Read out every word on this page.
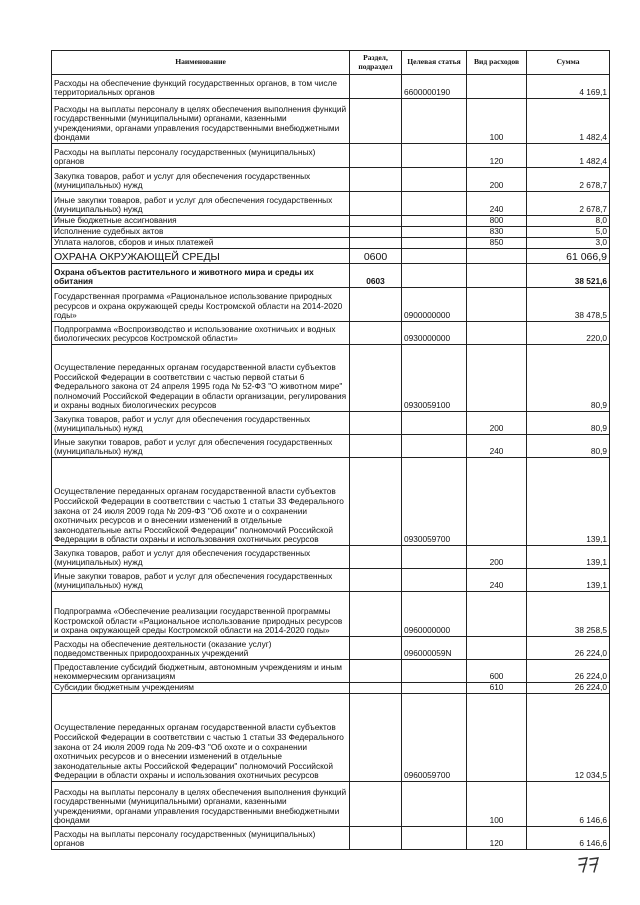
Наименование	Раздел, подраздел	Целевая статья	Вид расходов	Сумма
Расходы на обеспечение функций государственных органов, в том числе территориальных органов		6600000190		4 169,1
Расходы на выплаты персоналу в целях обеспечения выполнения функций государственными (муниципальными) органами, казенными учреждениями, органами управления государственными внебюджетными фондами			100	1 482,4
Расходы на выплаты персоналу государственных (муниципальных) органов			120	1 482,4
Закупка товаров, работ и услуг для обеспечения государственных (муниципальных) нужд			200	2 678,7
Иные закупки товаров, работ и услуг для обеспечения государственных (муниципальных) нужд			240	2 678,7
Иные бюджетные ассигнования			800	8,0
Исполнение судебных актов			830	5,0
Уплата налогов, сборов и иных платежей			850	3,0
ОХРАНА ОКРУЖАЮЩЕЙ СРЕДЫ	0600			61 066,9
Охрана объектов растительного и животного мира и среды их обитания	0603			38 521,6
Государственная программа «Рациональное использование природных ресурсов и охрана окружающей среды Костромской области на 2014-2020 годы»		0900000000		38 478,5
Подпрограмма «Воспроизводство и использование охотничьих и водных биологических ресурсов Костромской области»		0930000000		220,0
Осуществление переданных органам государственной власти субъектов Российской Федерации в соответствии с частью первой статьи 6 Федерального закона от 24 апреля 1995 года № 52-ФЗ "О животном мире" полномочий Российской Федерации в области организации, регулирования и охраны водных биологических ресурсов		0930059100		80,9
Закупка товаров, работ и услуг для обеспечения государственных (муниципальных) нужд			200	80,9
Иные закупки товаров, работ и услуг для обеспечения государственных (муниципальных) нужд			240	80,9
Осуществление переданных органам государственной власти субъектов Российской Федерации в соответствии с частью 1 статьи 33 Федерального закона от 24 июля 2009 года № 209-ФЗ "Об охоте и о сохранении охотничьих ресурсов и о внесении изменений в отдельные законодательные акты Российской Федерации" полномочий Российской Федерации в области охраны и использования охотничьих ресурсов		0930059700		139,1
Закупка товаров, работ и услуг для обеспечения государственных (муниципальных) нужд			200	139,1
Иные закупки товаров, работ и услуг для обеспечения государственных (муниципальных) нужд			240	139,1
Подпрограмма «Обеспечение реализации государственной программы Костромской области «Рациональное использование природных ресурсов и охрана окружающей среды Костромской области на 2014-2020 годы»		0960000000		38 258,5
Расходы на обеспечение деятельности (оказание услуг) подведомственных природоохранных учреждений		096000059N		26 224,0
Предоставление субсидий бюджетным, автономным учреждениям и иным некоммерческим организациям			600	26 224,0
Субсидии бюджетным учреждениям			610	26 224,0
Осуществление переданных органам государственной власти субъектов Российской Федерации в соответствии с частью 1 статьи 33 Федерального закона от 24 июля 2009 года № 209-ФЗ "Об охоте и о сохранении охотничьих ресурсов и о внесении изменений в отдельные законодательные акты Российской Федерации" полномочий Российской Федерации в области охраны и использования охотничьих ресурсов		0960059700		12 034,5
Расходы на выплаты персоналу в целях обеспечения выполнения функций государственными (муниципальными) органами, казенными учреждениями, органами управления государственными внебюджетными фондами			100	6 146,6
Расходы на выплаты персоналу государственных (муниципальных) органов			120	6 146,6
